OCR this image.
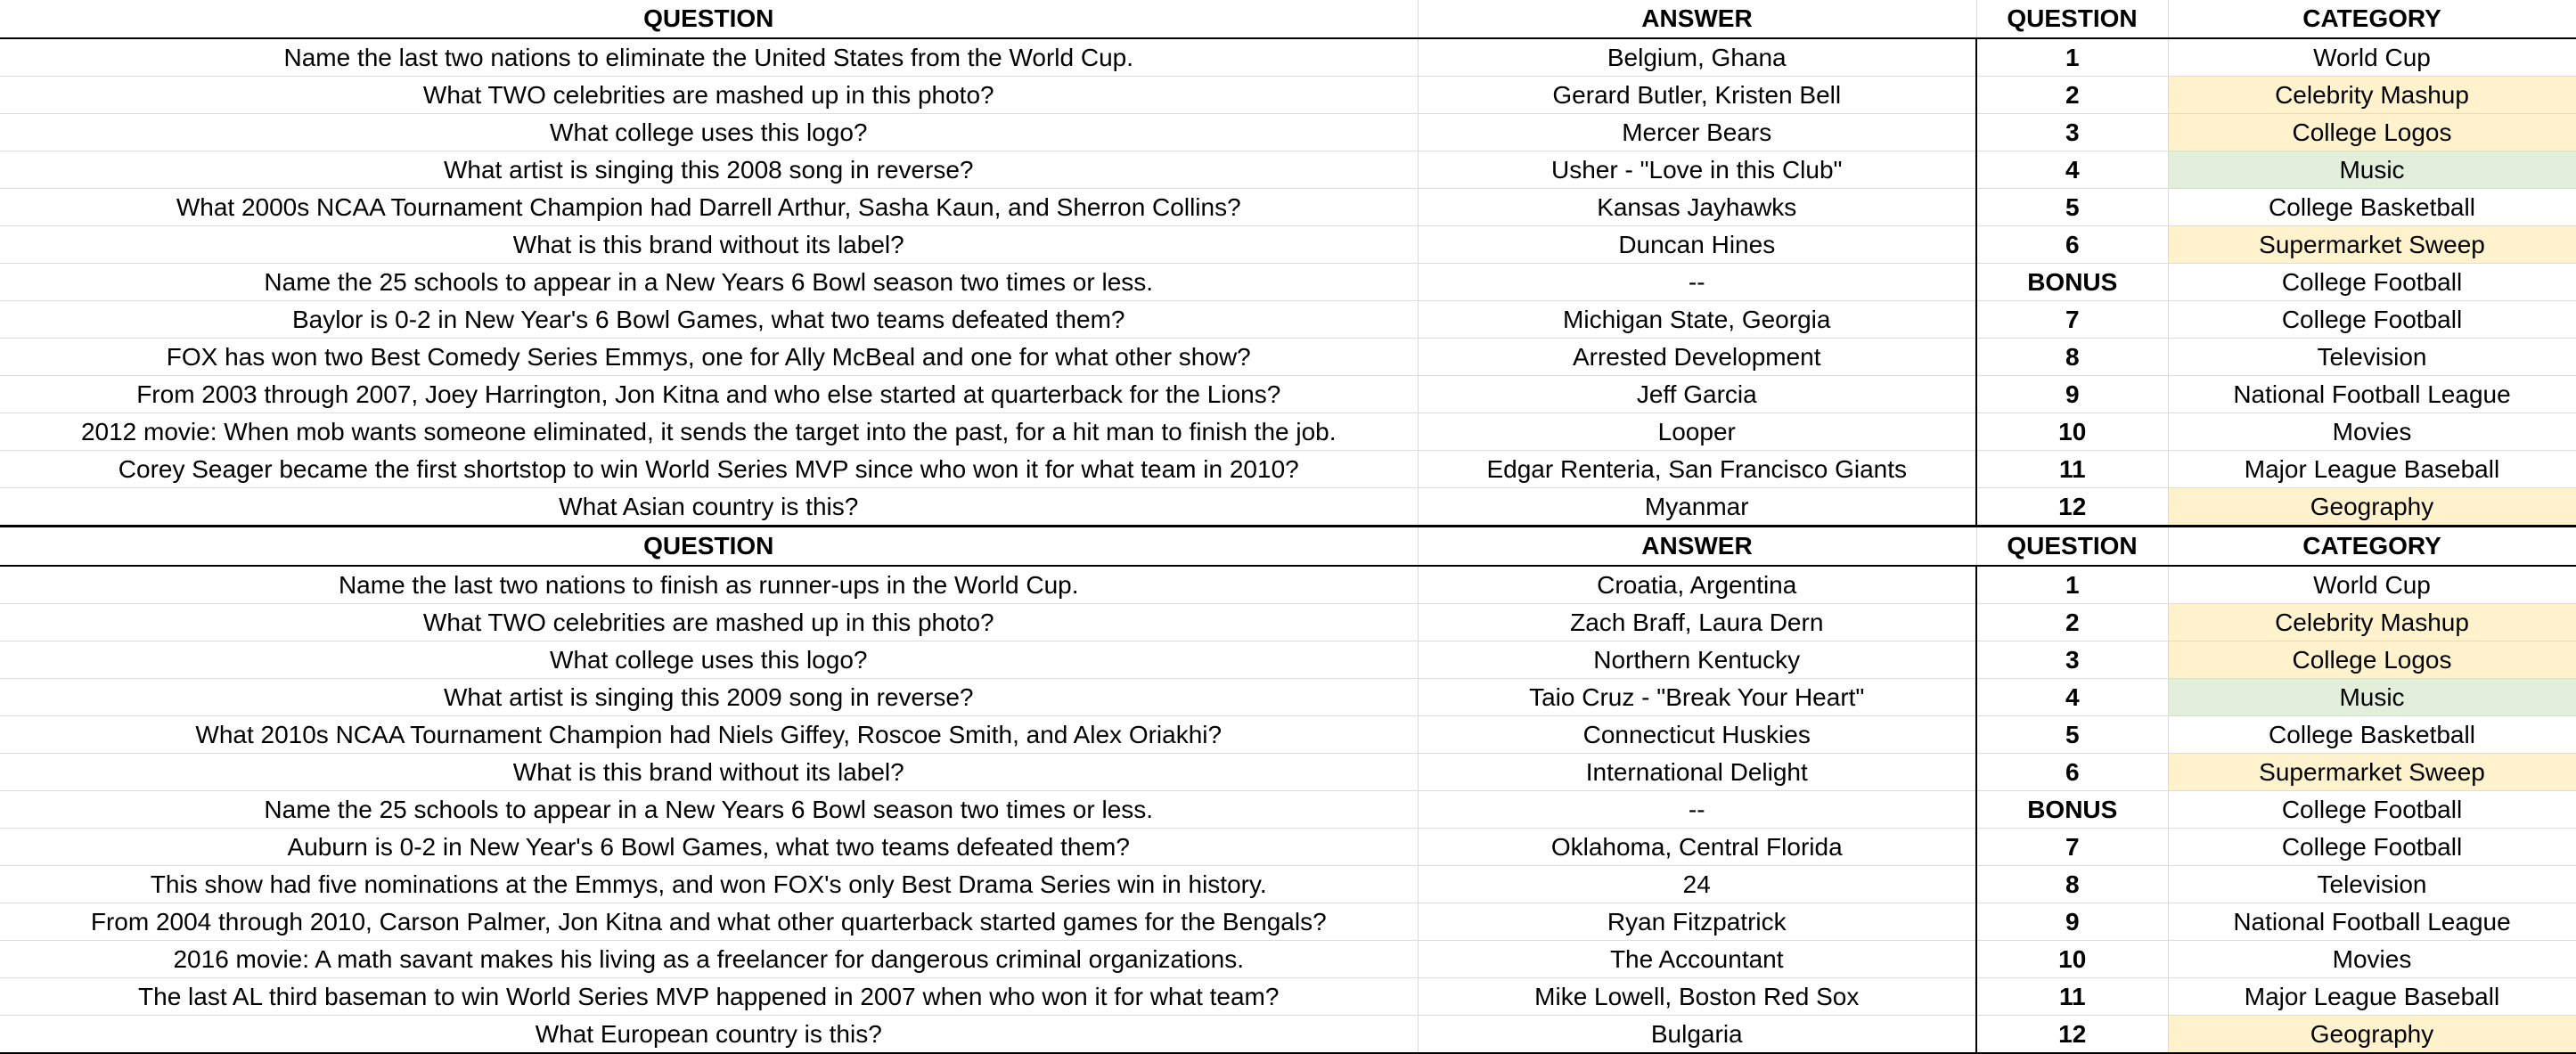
QUESTION	ANSWER	QUESTION	CATEGORY
Name the last two nations to eliminate the United States from the World Cup.	Belgium, Ghana	1	World Cup
What TWO celebrities are mashed up in this photo?	Gerard Butler, Kristen Bell	2	Celebrity Mashup
What college uses this logo?	Mercer Bears	3	College Logos
What artist is singing this 2008 song in reverse?	Usher - "Love in this Club"	4	Music
What 2000s NCAA Tournament Champion had Darrell Arthur, Sasha Kaun, and Sherron Collins?	Kansas Jayhawks	5	College Basketball
What is this brand without its label?	Duncan Hines	6	Supermarket Sweep
Name the 25 schools to appear in a New Years 6 Bowl season two times or less.	--	BONUS	College Football
Baylor is 0-2 in New Year's 6 Bowl Games, what two teams defeated them?	Michigan State, Georgia	7	College Football
FOX has won two Best Comedy Series Emmys, one for Ally McBeal and one for what other show?	Arrested Development	8	Television
From 2003 through 2007, Joey Harrington, Jon Kitna and who else started at quarterback for the Lions?	Jeff Garcia	9	National Football League
2012 movie: When mob wants someone eliminated, it sends the target into the past, for a hit man to finish the job.	Looper	10	Movies
Corey Seager became the first shortstop to win World Series MVP since who won it for what team in 2010?	Edgar Renteria, San Francisco Giants	11	Major League Baseball
What Asian country is this?	Myanmar	12	Geography
QUESTION	ANSWER	QUESTION	CATEGORY
Name the last two nations to finish as runner-ups in the World Cup.	Croatia, Argentina	1	World Cup
What TWO celebrities are mashed up in this photo?	Zach Braff, Laura Dern	2	Celebrity Mashup
What college uses this logo?	Northern Kentucky	3	College Logos
What artist is singing this 2009 song in reverse?	Taio Cruz - "Break Your Heart"	4	Music
What 2010s NCAA Tournament Champion had Niels Giffey, Roscoe Smith, and Alex Oriakhi?	Connecticut Huskies	5	College Basketball
What is this brand without its label?	International Delight	6	Supermarket Sweep
Name the 25 schools to appear in a New Years 6 Bowl season two times or less.	--	BONUS	College Football
Auburn is 0-2 in New Year's 6 Bowl Games, what two teams defeated them?	Oklahoma, Central Florida	7	College Football
This show had five nominations at the Emmys, and won FOX's only Best Drama Series win in history.	24	8	Television
From 2004 through 2010, Carson Palmer, Jon Kitna and what other quarterback started games for the Bengals?	Ryan Fitzpatrick	9	National Football League
2016 movie: A math savant makes his living as a freelancer for dangerous criminal organizations.	The Accountant	10	Movies
The last AL third baseman to win World Series MVP happened in 2007 when who won it for what team?	Mike Lowell, Boston Red Sox	11	Major League Baseball
What European country is this?	Bulgaria	12	Geography
